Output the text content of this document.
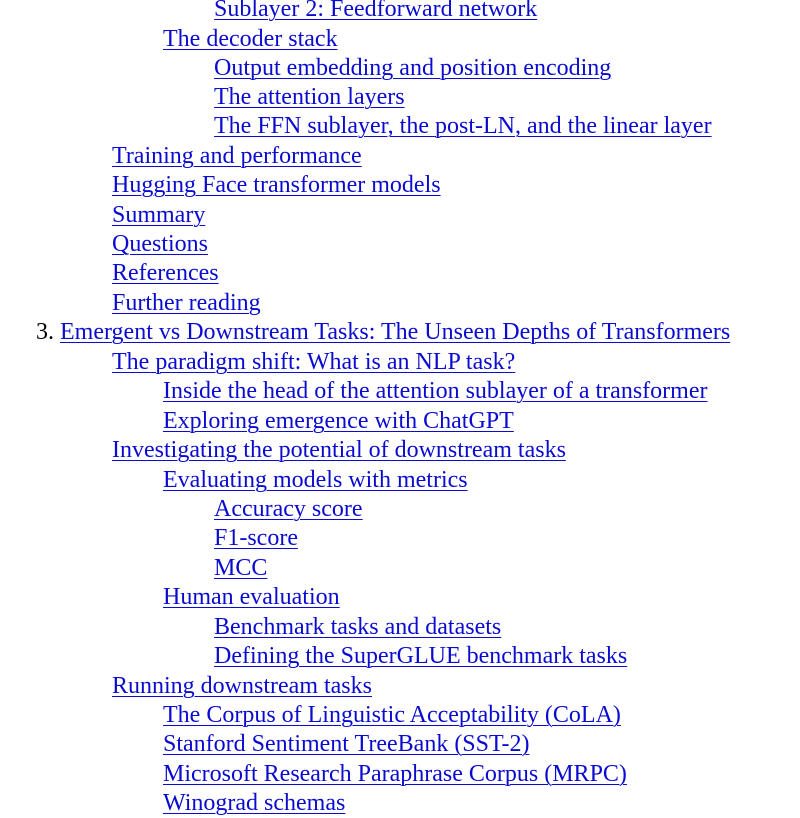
Sublayer 2: Feedforward network
The decoder stack
Output embedding and position encoding
The attention layers
The FFN sublayer, the post-LN, and the linear layer
Training and performance
Hugging Face transformer models
Summary
Questions
References
Further reading
3. Emergent vs Downstream Tasks: The Unseen Depths of Transformers
The paradigm shift: What is an NLP task?
Inside the head of the attention sublayer of a transformer
Exploring emergence with ChatGPT
Investigating the potential of downstream tasks
Evaluating models with metrics
Accuracy score
F1-score
MCC
Human evaluation
Benchmark tasks and datasets
Defining the SuperGLUE benchmark tasks
Running downstream tasks
The Corpus of Linguistic Acceptability (CoLA)
Stanford Sentiment TreeBank (SST-2)
Microsoft Research Paraphrase Corpus (MRPC)
Winograd schemas
